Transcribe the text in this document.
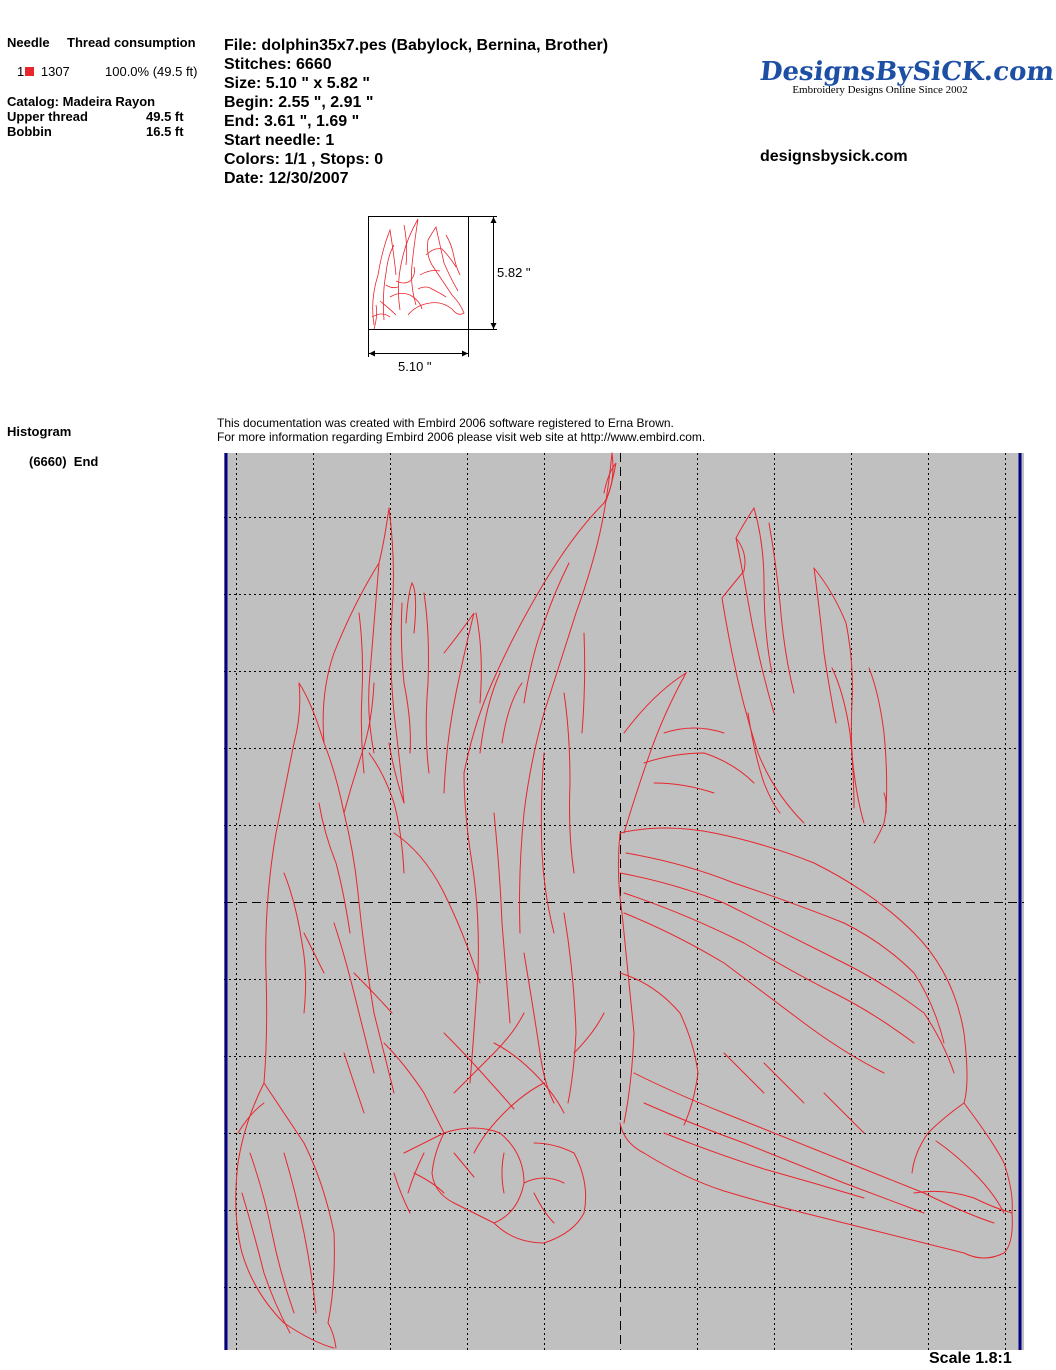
Needle Thread consumption
1 1307	100.0% (49.5 ft)
Catalog: Madeira Rayon
Upper thread	49.5 ft
Bobbin	16.5 ft
Histogram
(6660)  End
File: dolphin35x7.pes (Babylock, Bernina, Brother)
Stitches: 6660
Size: 5.10 " x 5.82 "
Begin: 2.55 ", 2.91 "
End: 3.61 ", 1.69 "
Start needle: 1
Colors: 1/1 , Stops: 0
Date: 12/30/2007
DesignsBySiCK.com
Embroidery Designs Online Since 2002
designsbysick.com
5.82 "
5.10 "
This documentation was created with Embird 2006 software registered to Erna Brown.
For more information regarding Embird 2006 please visit web site at http://www.embird.com.
Scale 1.8:1
